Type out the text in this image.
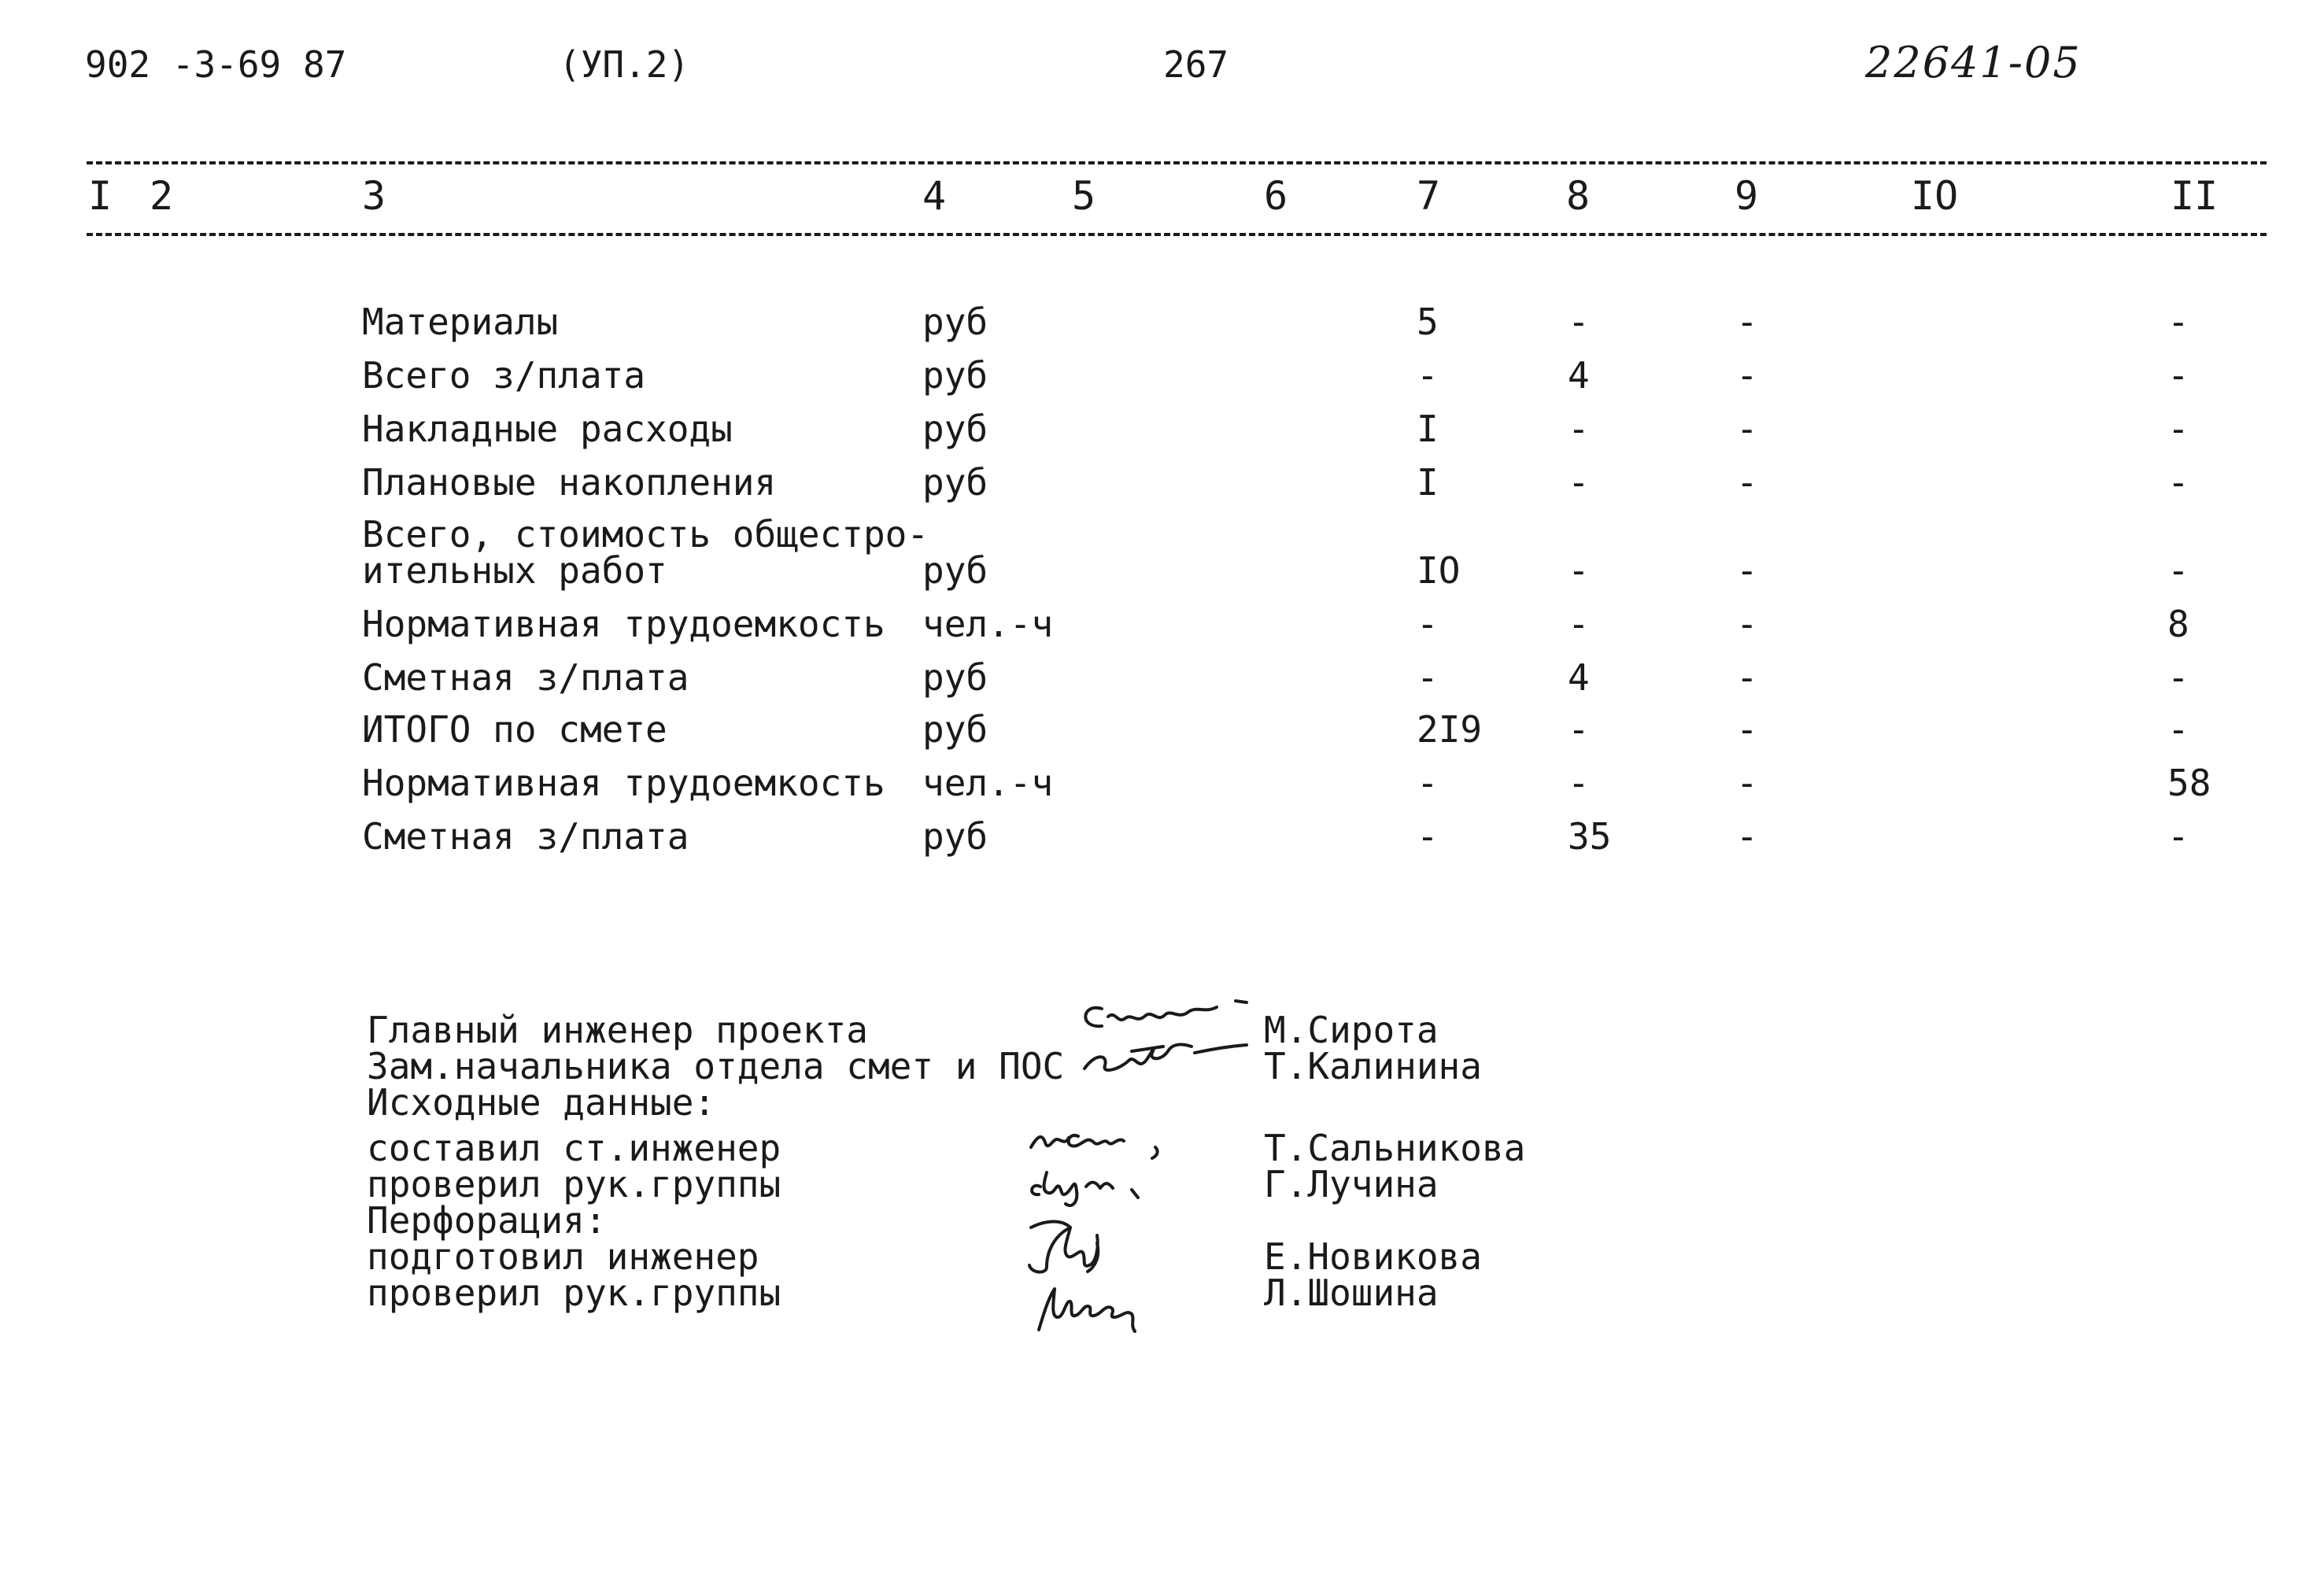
902 -3-69 87	(УП.2)	267	22641-05
I 2	3	4	5	6	7	8	9	IO	II
Материалы	руб	5	-	-	-
Всего з/плата	руб	-	4	-	-
Накладные расходы	руб	I	-	-	-
Плановые накопления	руб	I	-	-	-
Всего, стоимость общестро-
ительных работ	руб	IO	-	-	-
Нормативная трудоемкость чел.-ч	-	-	-	8
Сметная з/плата	руб	-	4	-	-
ИТОГО по смете	руб	2I9 -	-	-
Нормативная трудоемкость чел.-ч	-	-	-	58
Сметная з/плата	руб	-	35	-	-
Главный инженер проекта	М.Сирота
Зам.начальника отдела смет и ПОС	Т.Калинина
Исходные данные:
составил ст.инженер	Т.Сальникова
проверил рук.группы	Г.Лучина
Перфорация:
подготовил инженер	Е.Новикова
проверил рук.группы	Л.Шошина
